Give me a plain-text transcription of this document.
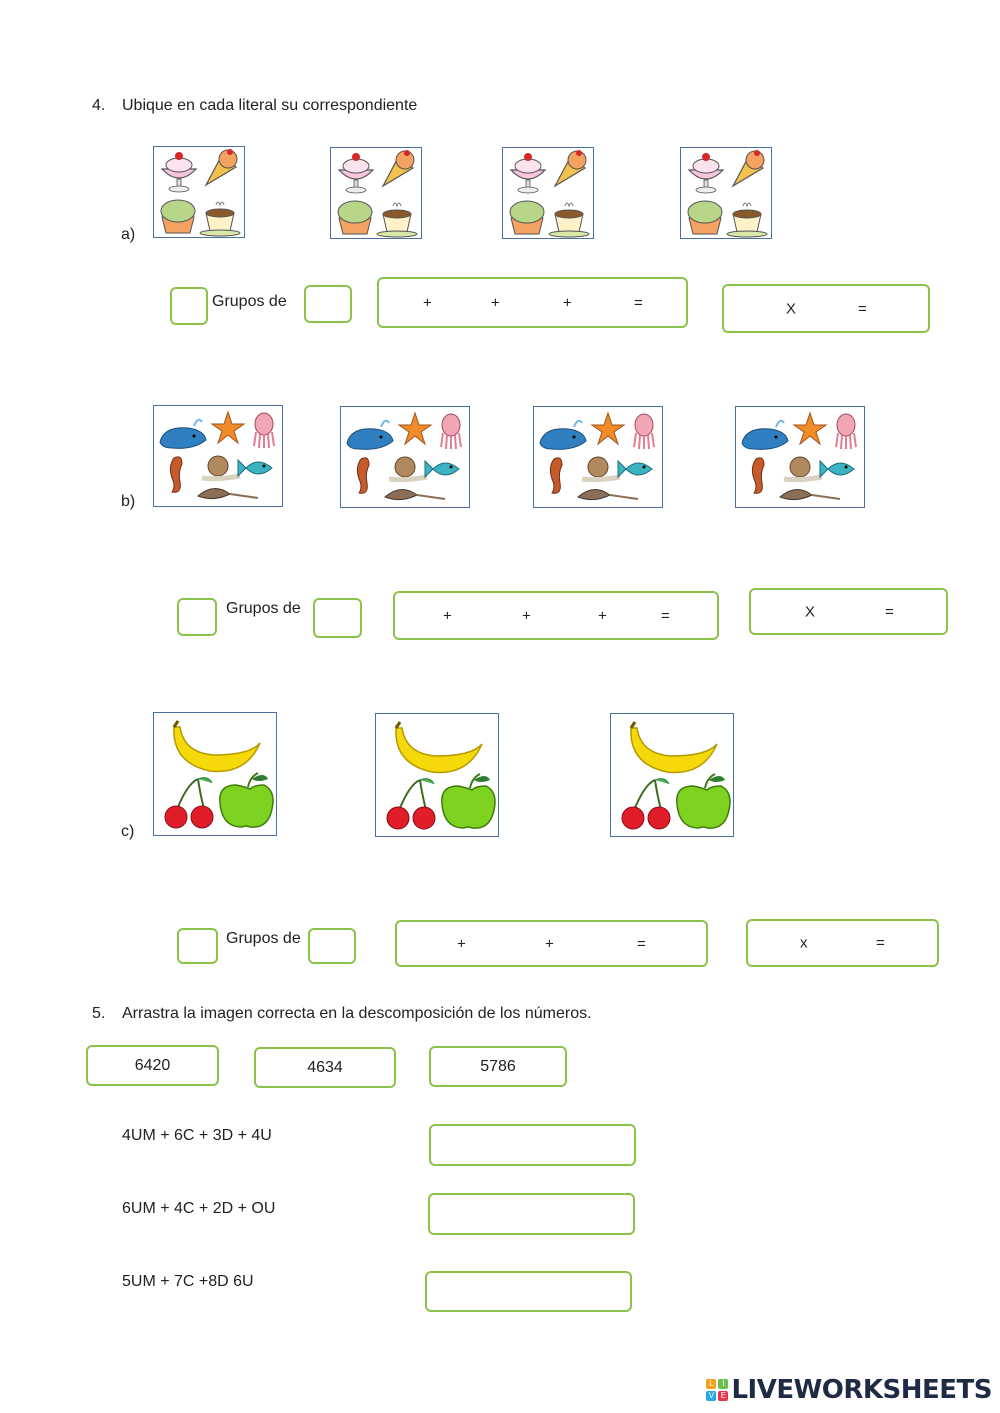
4. Ubique en cada literal su correspondiente
a)
Grupos de	+	+	+	=	X	=
b)
Grupos de	+	+	+	=	X	=
c)
Grupos de	+	+	=	x	=
5. Arrastra la imagen correcta en la descomposición de los números.
6420	4634	5786
4UM + 6C + 3D + 4U
6UM + 4C + 2D + OU
5UM + 7C +8D 6U
L	I
V E LIVEWORKSHEETS
